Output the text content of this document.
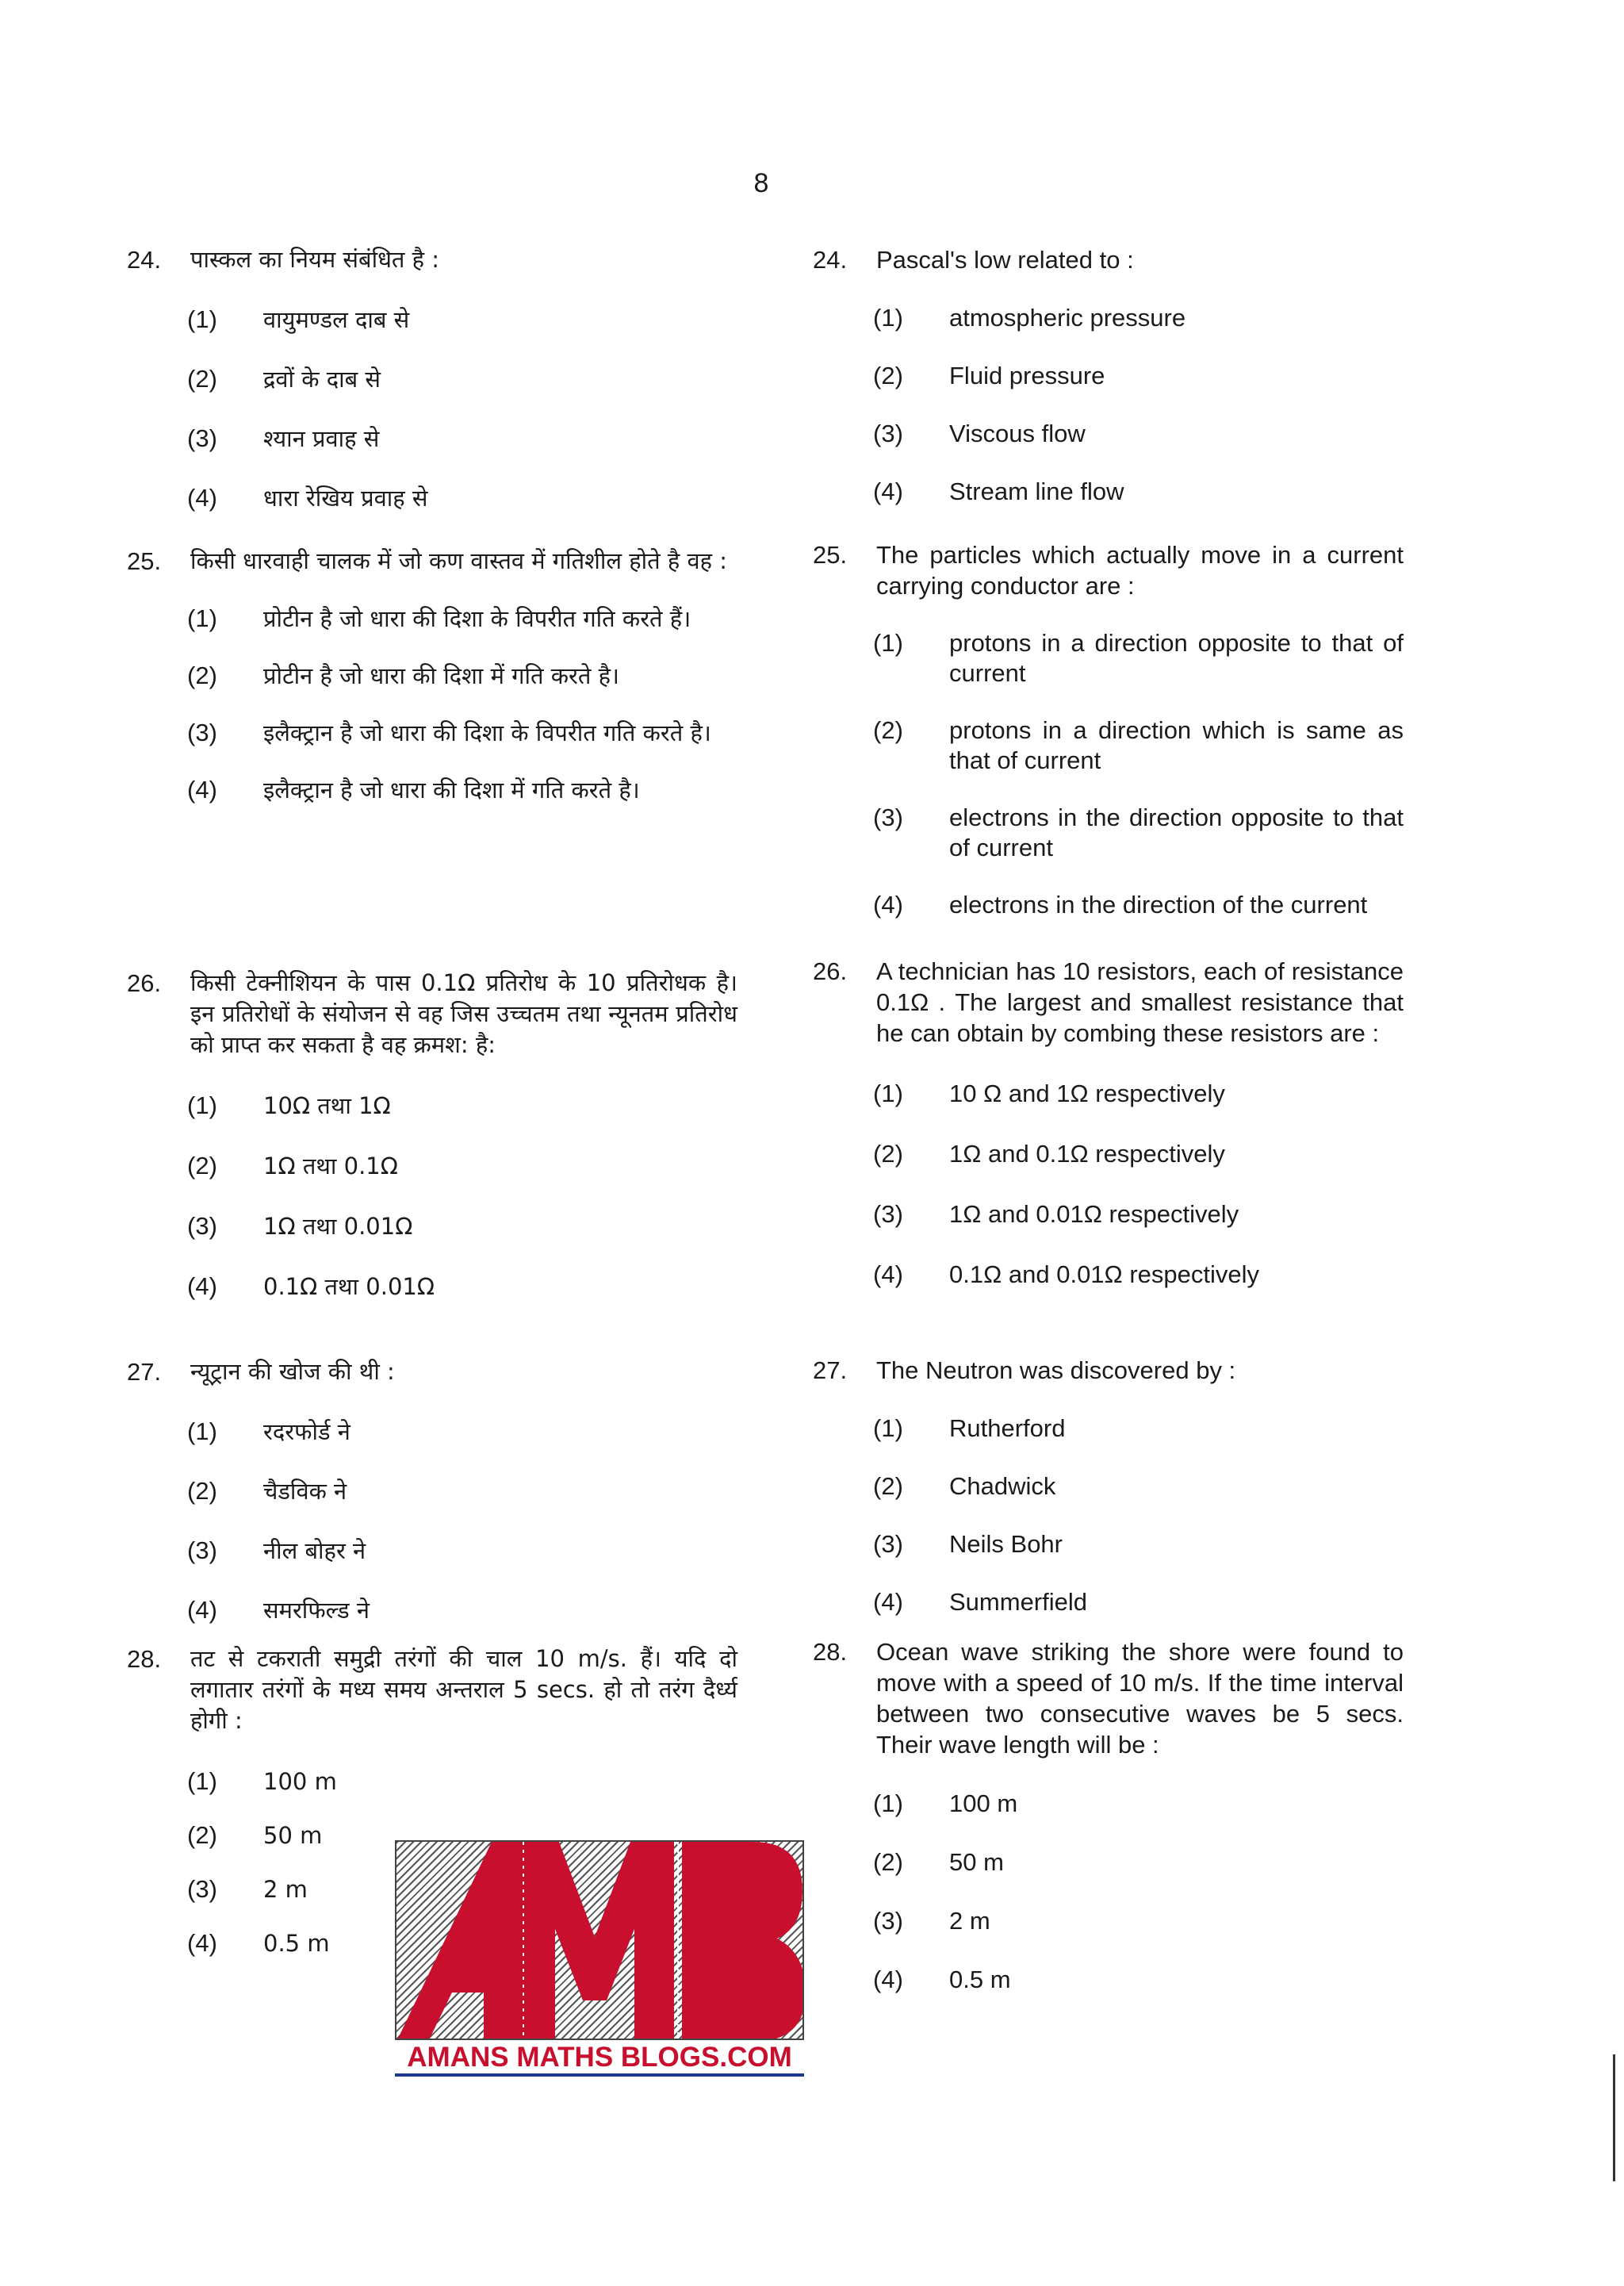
8
24.	पास्कल का नियम संबंधित है :
(1)	वायुमण्डल दाब से
(2)	द्रवों के दाब से
(3)	श्यान प्रवाह से
(4)	धारा रेखिय प्रवाह से
25.	किसी धारवाही चालक में जो कण वास्तव में गतिशील होते है वह :
(1)	प्रोटीन है जो धारा की दिशा के विपरीत गति करते हैं।
(2)	प्रोटीन है जो धारा की दिशा में गति करते है।
(3)	इलैक्ट्रान है जो धारा की दिशा के विपरीत गति करते है।
(4)	इलैक्ट्रान है जो धारा की दिशा में गति करते है।
26.	किसी टेक्नीशियन के पास 0.1Ω प्रतिरोध के 10 प्रतिरोधक है। इन प्रतिरोधों के संयोजन से वह जिस उच्चतम तथा न्यूनतम प्रतिरोध को प्राप्त कर सकता है वह क्रमश: है:
(1)	10Ω तथा 1Ω
(2)	1Ω तथा 0.1Ω
(3)	1Ω तथा 0.01Ω
(4)	0.1Ω तथा 0.01Ω
27.	न्यूट्रान की खोज की थी :
(1)	रदरफोर्ड ने
(2)	चैडविक ने
(3)	नील बोहर ने
(4)	समरफिल्ड ने
28.	तट से टकराती समुद्री तरंगों की चाल 10 m/s. हैं। यदि दो लगातार तरंगों के मध्य समय अन्तराल 5 secs. हो तो तरंग दैर्ध्य होगी :
(1)	100 m
(2)	50 m
(3)	2 m
(4)	0.5 m
24.	Pascal's low related to :
(1)	atmospheric pressure
(2)	Fluid pressure
(3)	Viscous flow
(4)	Stream line flow
25.	The particles which actually move in a current carrying conductor are :
(1)	protons in a direction opposite to that of current
(2)	protons in a direction which is same as that of current
(3)	electrons in the direction opposite to that of current
(4)	electrons in the direction of the current
26.	A technician has 10 resistors, each of resistance 0.1Ω . The largest and smallest resistance that he can obtain by combing these resistors are :
(1)	10 Ω and 1Ω respectively
(2)	1Ω and 0.1Ω respectively
(3)	1Ω and 0.01Ω respectively
(4)	0.1Ω and 0.01Ω respectively
27.	The Neutron was discovered by :
(1)	Rutherford
(2)	Chadwick
(3)	Neils Bohr
(4)	Summerfield
28.	Ocean wave striking the shore were found to move with a speed of 10 m/s. If the time interval between two consecutive waves be 5 secs. Their wave length will be :
(1)	100 m
(2)	50 m
(3)	2 m
(4)	0.5 m
AMANS MATHS BLOGS.COM
